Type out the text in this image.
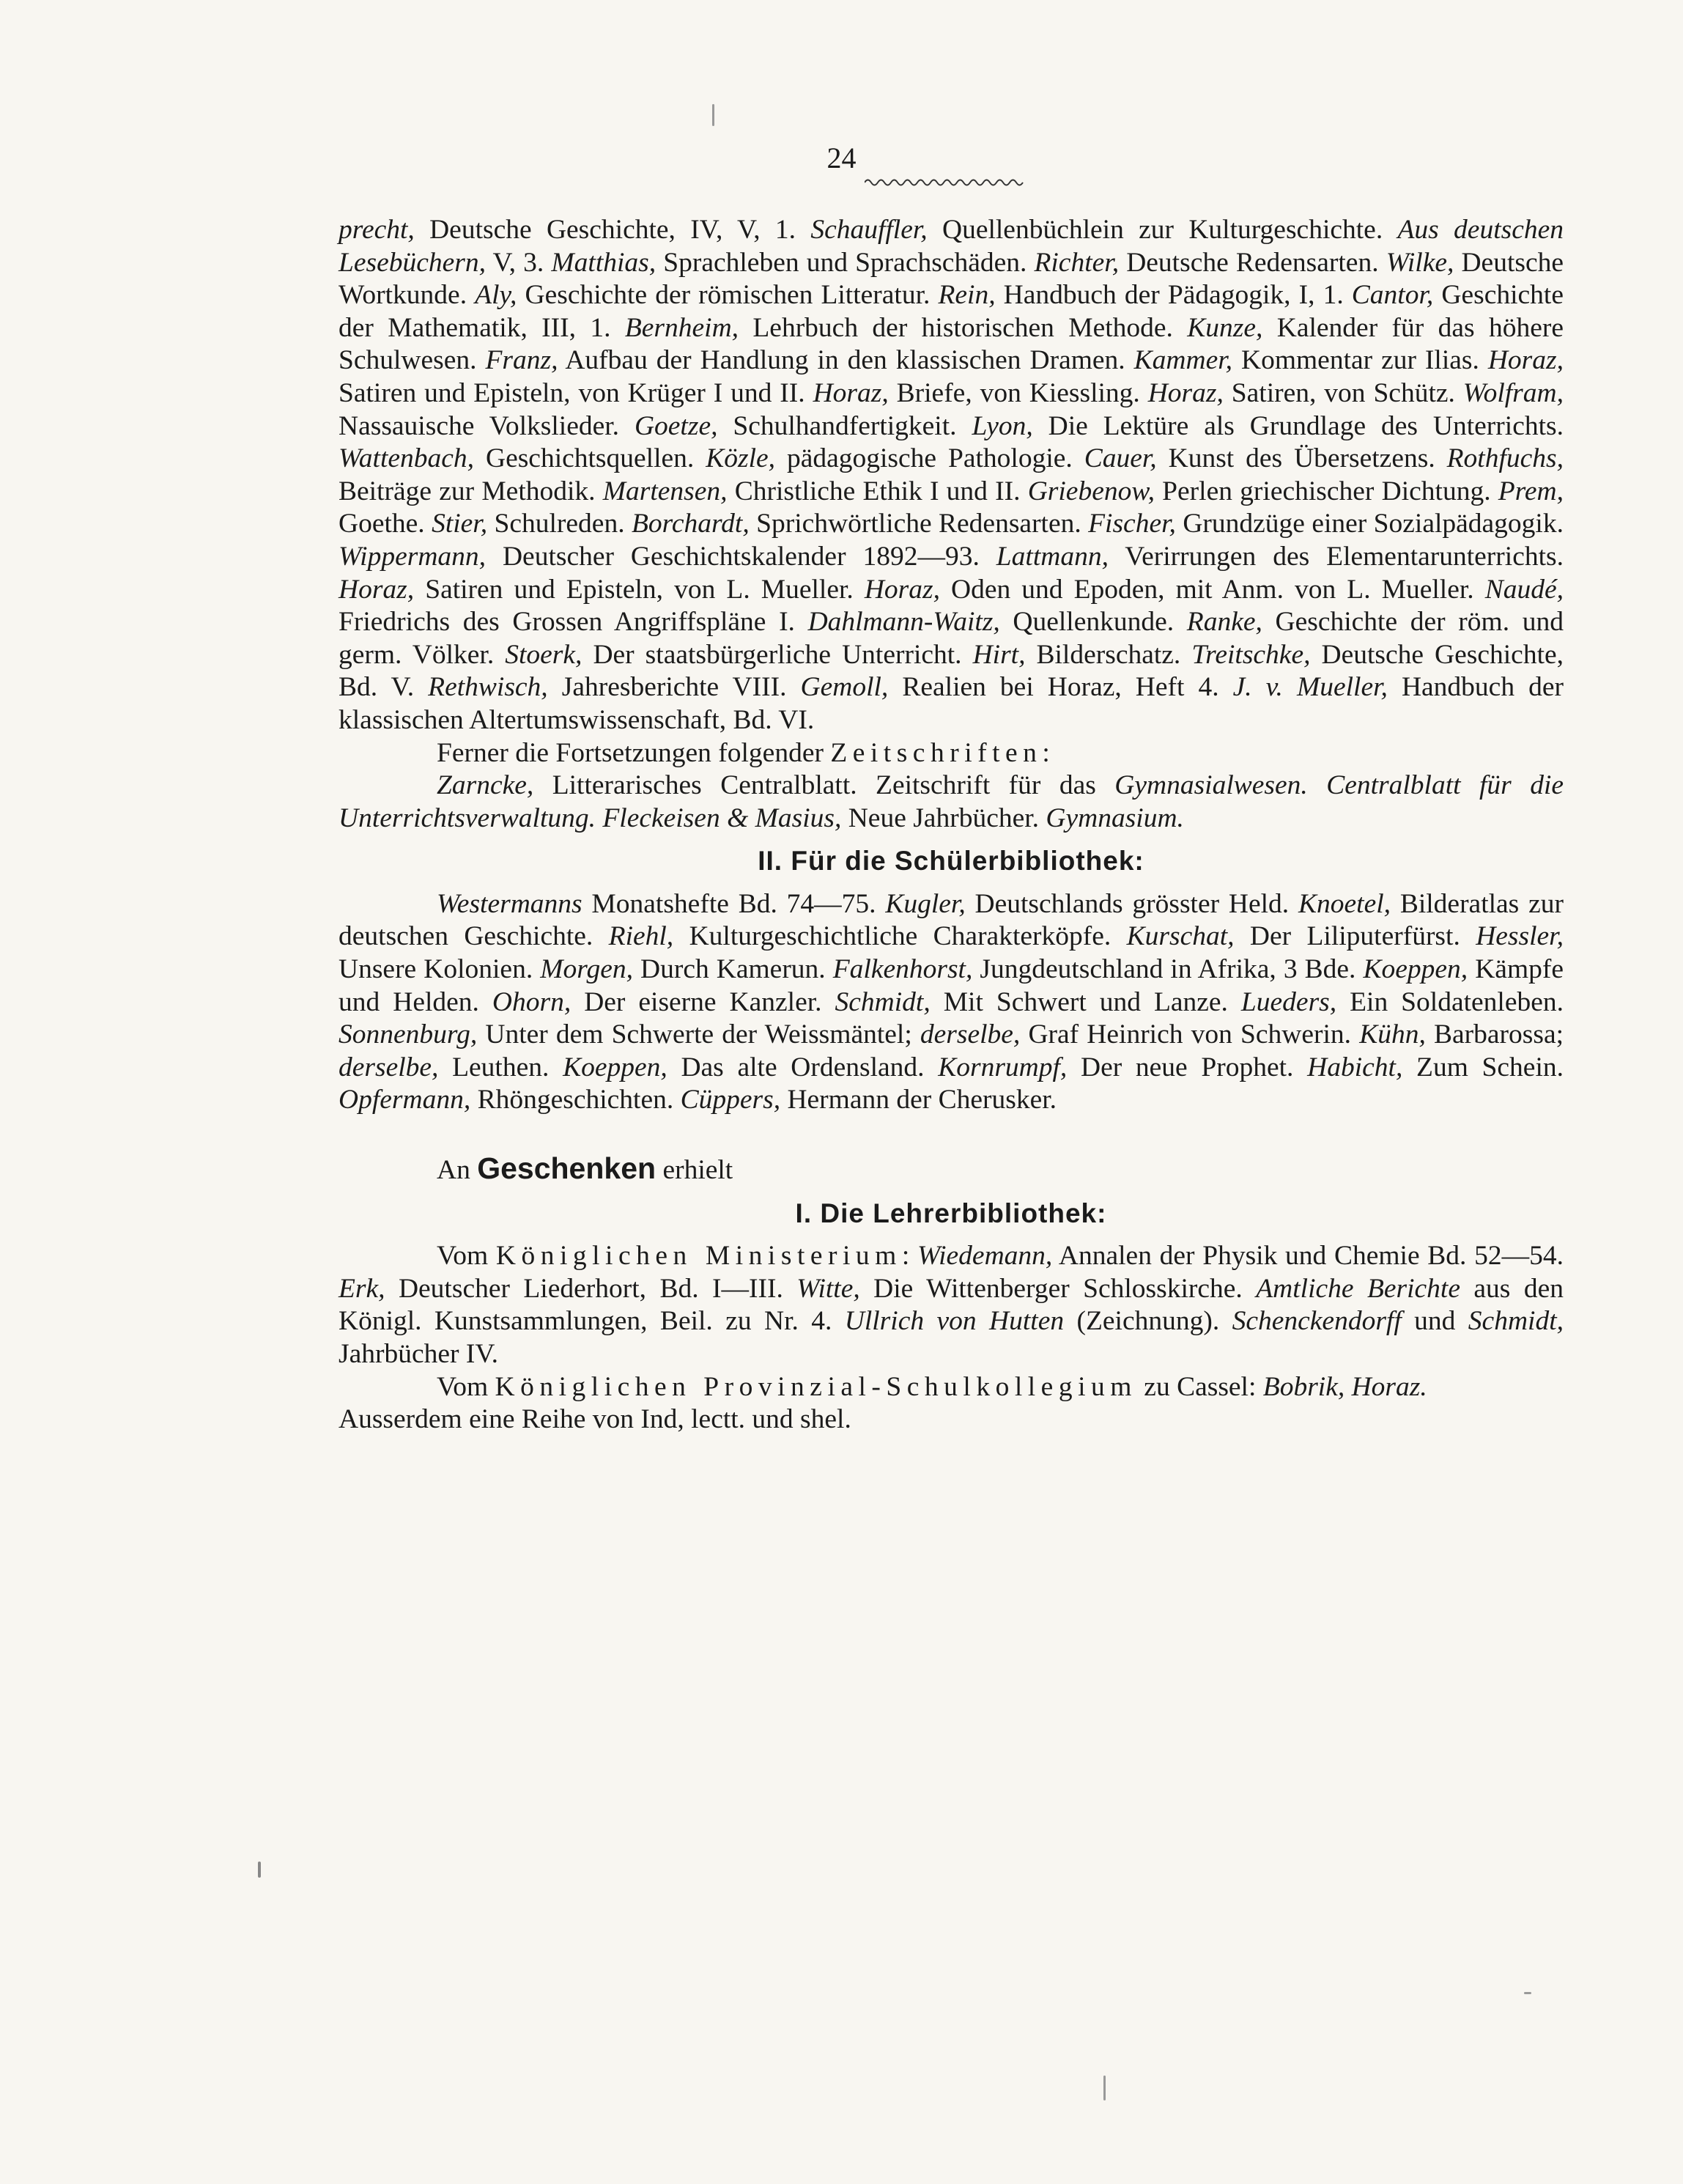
24

precht, Deutsche Geschichte, IV, V, 1. Schauffler, Quellenbüchlein zur Kulturgeschichte. Aus deutschen Lesebüchern, V, 3. Matthias, Sprachleben und Sprachschäden. Richter, Deutsche Redensarten. Wilke, Deutsche Wortkunde. Aly, Geschichte der römischen Litteratur. Rein, Handbuch der Pädagogik, I, 1. Cantor, Geschichte der Mathematik, III, 1. Bernheim, Lehrbuch der historischen Methode. Kunze, Kalender für das höhere Schulwesen. Franz, Aufbau der Handlung in den klassischen Dramen. Kammer, Kommentar zur Ilias. Horaz, Satiren und Episteln, von Krüger I und II. Horaz, Briefe, von Kiessling. Horaz, Satiren, von Schütz. Wolfram, Nassauische Volkslieder. Goetze, Schulhandfertigkeit. Lyon, Die Lektüre als Grundlage des Unterrichts. Wattenbach, Geschichtsquellen. Közle, pädagogische Pathologie. Cauer, Kunst des Übersetzens. Rothfuchs, Beiträge zur Methodik. Martensen, Christliche Ethik I und II. Griebenow, Perlen griechischer Dichtung. Prem, Goethe. Stier, Schulreden. Borchardt, Sprichwörtliche Redensarten. Fischer, Grundzüge einer Sozialpädagogik. Wippermann, Deutscher Geschichtskalender 1892—93. Lattmann, Verirrungen des Elementarunterrichts. Horaz, Satiren und Episteln, von L. Mueller. Horaz, Oden und Epoden, mit Anm. von L. Mueller. Naudé, Friedrichs des Grossen Angriffspläne I. Dahlmann-Waitz, Quellenkunde. Ranke, Geschichte der röm. und germ. Völker. Stoerk, Der staatsbürgerliche Unterricht. Hirt, Bilderschatz. Treitschke, Deutsche Geschichte, Bd. V. Rethwisch, Jahresberichte VIII. Gemoll, Realien bei Horaz, Heft 4. J. v. Mueller, Handbuch der klassischen Altertumswissenschaft, Bd. VI.

Ferner die Fortsetzungen folgender Zeitschriften:

Zarncke, Litterarisches Centralblatt. Zeitschrift für das Gymnasialwesen. Centralblatt für die Unterrichtsverwaltung. Fleckeisen & Masius, Neue Jahrbücher. Gymnasium.

II. Für die Schülerbibliothek:

Westermanns Monatshefte Bd. 74—75. Kugler, Deutschlands grösster Held. Knoetel, Bilderatlas zur deutschen Geschichte. Riehl, Kulturgeschichtliche Charakterköpfe. Kurschat, Der Liliputerfürst. Hessler, Unsere Kolonien. Morgen, Durch Kamerun. Falkenhorst, Jungdeutschland in Afrika, 3 Bde. Koeppen, Kämpfe und Helden. Ohorn, Der eiserne Kanzler. Schmidt, Mit Schwert und Lanze. Lueders, Ein Soldatenleben. Sonnenburg, Unter dem Schwerte der Weissmäntel; derselbe, Graf Heinrich von Schwerin. Kühn, Barbarossa; derselbe, Leuthen. Koeppen, Das alte Ordensland. Kornrumpf, Der neue Prophet. Habicht, Zum Schein. Opfermann, Rhöngeschichten. Cüppers, Hermann der Cherusker.

An Geschenken erhielt

I. Die Lehrerbibliothek:

Vom Königlichen Ministerium: Wiedemann, Annalen der Physik und Chemie Bd. 52—54. Erk, Deutscher Liederhort, Bd. I—III. Witte, Die Wittenberger Schlosskirche. Amtliche Berichte aus den Königl. Kunstsammlungen, Beil. zu Nr. 4. Ullrich von Hutten (Zeichnung). Schenckendorff und Schmidt, Jahrbücher IV.

Vom Königlichen Provinzial-Schulkollegium zu Cassel: Bobrik, Horaz.

Ausserdem eine Reihe von Ind, lectt. und shel.
